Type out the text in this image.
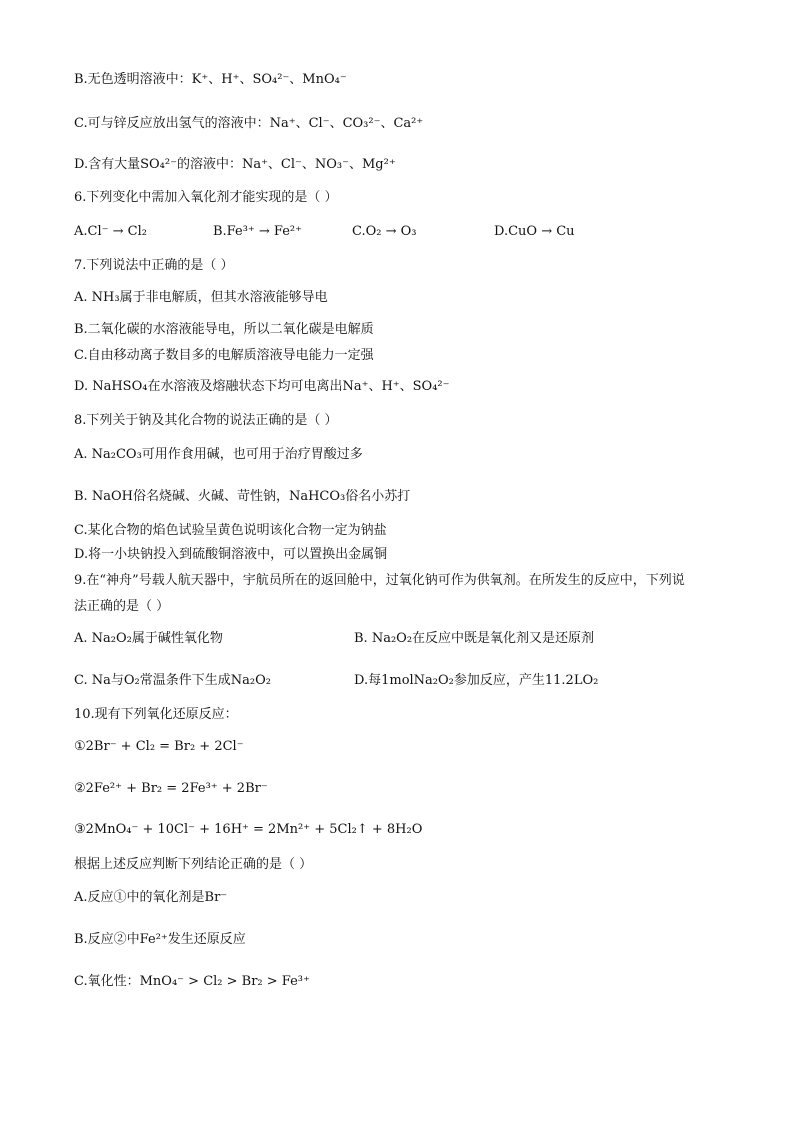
B.无色透明溶液中：K⁺、H⁺、SO₄²⁻、MnO₄⁻
C.可与锌反应放出氢气的溶液中：Na⁺、Cl⁻、CO₃²⁻、Ca²⁺
D.含有大量SO₄²⁻的溶液中：Na⁺、Cl⁻、NO₃⁻、Mg²⁺
6.下列变化中需加入氧化剂才能实现的是（ ）
A.Cl⁻ → Cl₂	B.Fe³⁺ → Fe²⁺	C.O₂ → O₃	D.CuO → Cu
7.下列说法中正确的是（ ）
A. NH₃属于非电解质，但其水溶液能够导电
B.二氧化碳的水溶液能导电，所以二氧化碳是电解质
C.自由移动离子数目多的电解质溶液导电能力一定强
D. NaHSO₄在水溶液及熔融状态下均可电离出Na⁺、H⁺、SO₄²⁻
8.下列关于钠及其化合物的说法正确的是（ ）
A. Na₂CO₃可用作食用碱，也可用于治疗胃酸过多
B. NaOH俗名烧碱、火碱、苛性钠，NaHCO₃俗名小苏打
C.某化合物的焰色试验呈黄色说明该化合物一定为钠盐
D.将一小块钠投入到硫酸铜溶液中，可以置换出金属铜
9.在“神舟”号载人航天器中，宇航员所在的返回舱中，过氧化钠可作为供氧剂。在所发生的反应中，下列说
法正确的是（ ）
A. Na₂O₂属于碱性氧化物	B. Na₂O₂在反应中既是氧化剂又是还原剂
C. Na与O₂常温条件下生成Na₂O₂	D.每1molNa₂O₂参加反应，产生11.2LO₂
10.现有下列氧化还原反应：
①2Br⁻ + Cl₂ = Br₂ + 2Cl⁻
②2Fe²⁺ + Br₂ = 2Fe³⁺ + 2Br⁻
③2MnO₄⁻ + 10Cl⁻ + 16H⁺ = 2Mn²⁺ + 5Cl₂↑ + 8H₂O
根据上述反应判断下列结论正确的是（ ）
A.反应①中的氧化剂是Br⁻
B.反应②中Fe²⁺发生还原反应
C.氧化性：MnO₄⁻ > Cl₂ > Br₂ > Fe³⁺
